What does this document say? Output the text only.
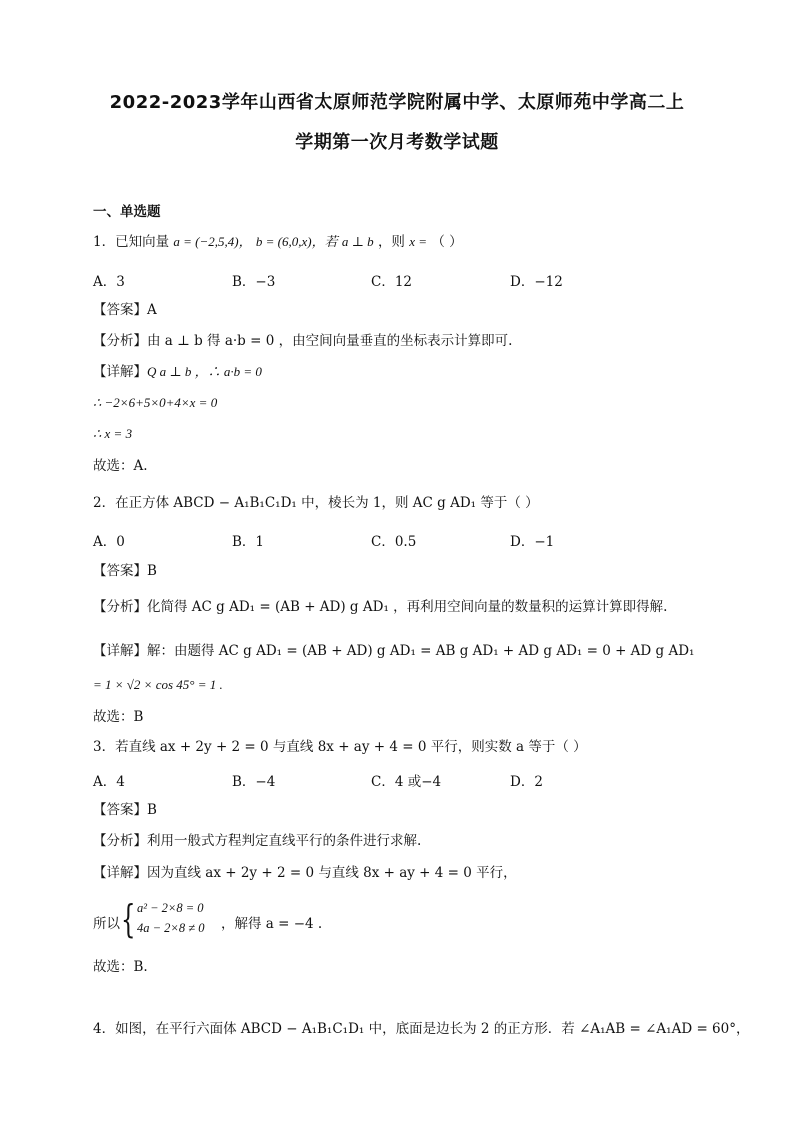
2022-2023学年山西省太原师范学院附属中学、太原师苑中学高二上
学期第一次月考数学试题
一、单选题
1．已知向量 a = (−2,5,4)， b = (6,0,x)，若 a ⊥ b ，则 x = （ ）
A．3	B．−3	C．12	D．−12
【答案】A
【分析】由 a ⊥ b 得 a·b = 0 ，由空间向量垂直的坐标表示计算即可.
【详解】Q a ⊥ b ，∴ a·b = 0
∴ −2×6+5×0+4×x = 0
∴ x = 3
故选：A.
2．在正方体 ABCD − A₁B₁C₁D₁ 中，棱长为 1，则 AC g AD₁ 等于（ ）
A．0	B．1	C．0.5	D．−1
【答案】B
【分析】化简得 AC g AD₁ = (AB + AD) g AD₁ ，再利用空间向量的数量积的运算计算即得解.
【详解】解：由题得 AC g AD₁ = (AB + AD) g AD₁ = AB g AD₁ + AD g AD₁ = 0 + AD g AD₁
= 1 × √2 × cos 45° = 1 .
故选：B
3．若直线 ax + 2y + 2 = 0 与直线 8x + ay + 4 = 0 平行，则实数 a 等于（ ）
A．4	B．−4	C．4 或−4	D．2
【答案】B
【分析】利用一般式方程判定直线平行的条件进行求解.
【详解】因为直线 ax + 2y + 2 = 0 与直线 8x + ay + 4 = 0 平行，
所以 { a² − 2×8 = 0
4a − 2×8 ≠ 0 ，解得 a = −4 .
故选：B.
4．如图，在平行六面体 ABCD − A₁B₁C₁D₁ 中，底面是边长为 2 的正方形．若 ∠A₁AB = ∠A₁AD = 60°，
